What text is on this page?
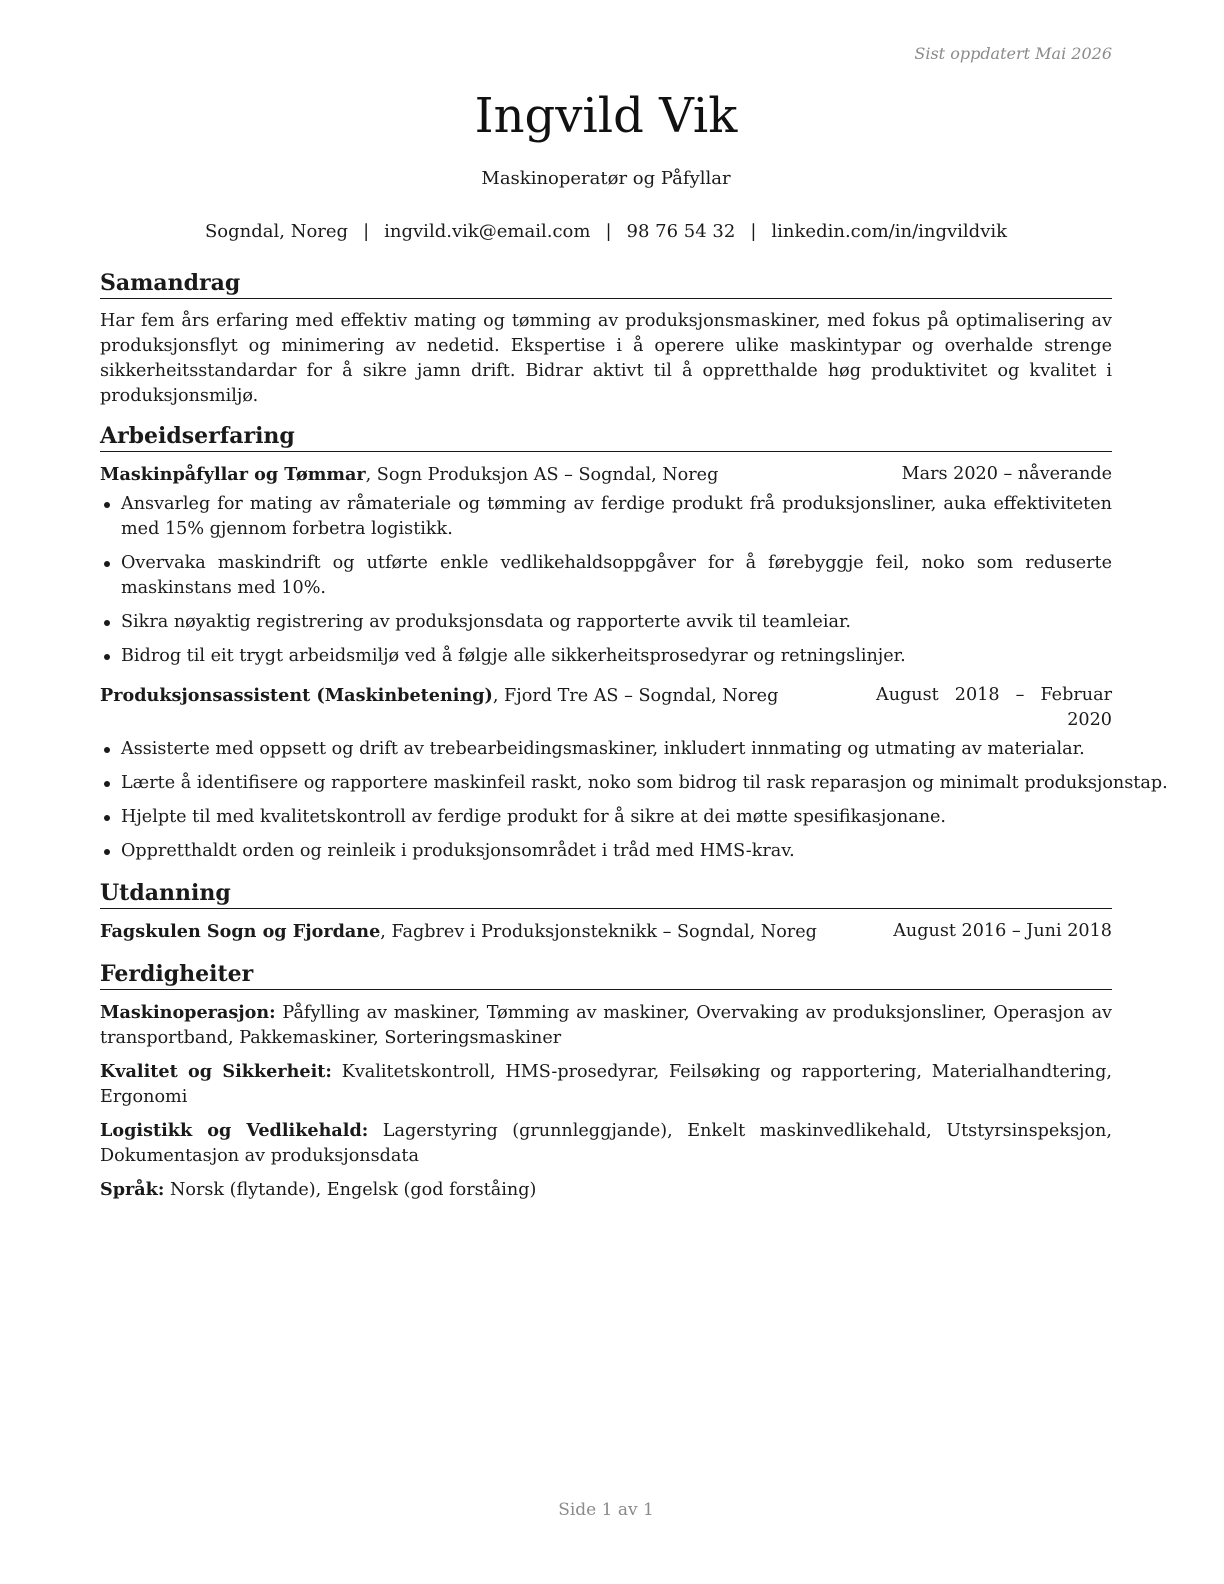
Sist oppdatert Mai 2026
Ingvild Vik
Maskinoperatør og Påfyllar
Sogndal, Noreg | ingvild.vik@email.com | 98 76 54 32 | linkedin.com/in/ingvildvik
Samandrag

Har fem års erfaring med effektiv mating og tømming av produksjonsmaskiner, med fokus på optimalisering av produksjonsflyt og minimering av nedetid. Ekspertise i å operere ulike maskintypar og overhalde strenge sikkerheitsstandardar for å sikre jamn drift. Bidrar aktivt til å oppretthalde høg produktivitet og kvalitet i produksjonsmiljø.

Arbeidserfaring
Maskinpåfyllar og Tømmar, Sogn Produksjon AS – Sogndal, Noreg	Mars 2020 – nåverande
Ansvarleg for mating av råmateriale og tømming av ferdige produkt frå produksjonsliner, auka effektiviteten med 15% gjennom forbetra logistikk.
Overvaka maskindrift og utførte enkle vedlikehaldsoppgåver for å førebyggje feil, noko som reduserte maskinstans med 10%.
Sikra nøyaktig registrering av produksjonsdata og rapporterte avvik til teamleiar.
Bidrog til eit trygt arbeidsmiljø ved å følgje alle sikkerheitsprosedyrar og retningslinjer.
Produksjonsassistent (Maskinbetening), Fjord Tre AS – Sogndal, Noreg	August 2018 – Februar 2020
Assisterte med oppsett og drift av trebearbeidingsmaskiner, inkludert innmating og utmating av materialar.
Lærte å identifisere og rapportere maskinfeil raskt, noko som bidrog til rask reparasjon og minimalt produksjonstap.
Hjelpte til med kvalitetskontroll av ferdige produkt for å sikre at dei møtte spesifikasjonane.
Oppretthaldt orden og reinleik i produksjonsområdet i tråd med HMS-krav.
Utdanning
Fagskulen Sogn og Fjordane, Fagbrev i Produksjonsteknikk – Sogndal, Noreg	August 2016 – Juni 2018
Ferdigheiter

Maskinoperasjon: Påfylling av maskiner, Tømming av maskiner, Overvaking av produksjonsliner, Operasjon av transportband, Pakkemaskiner, Sorteringsmaskiner

Kvalitet og Sikkerheit: Kvalitetskontroll, HMS-prosedyrar, Feilsøking og rapportering, Materialhandtering, Ergonomi

Logistikk og Vedlikehald: Lagerstyring (grunnleggjande), Enkelt maskinvedlikehald, Utstyrsinspeksjon, Dokumentasjon av produksjonsdata

Språk: Norsk (flytande), Engelsk (god forståing)

Side 1 av 1
